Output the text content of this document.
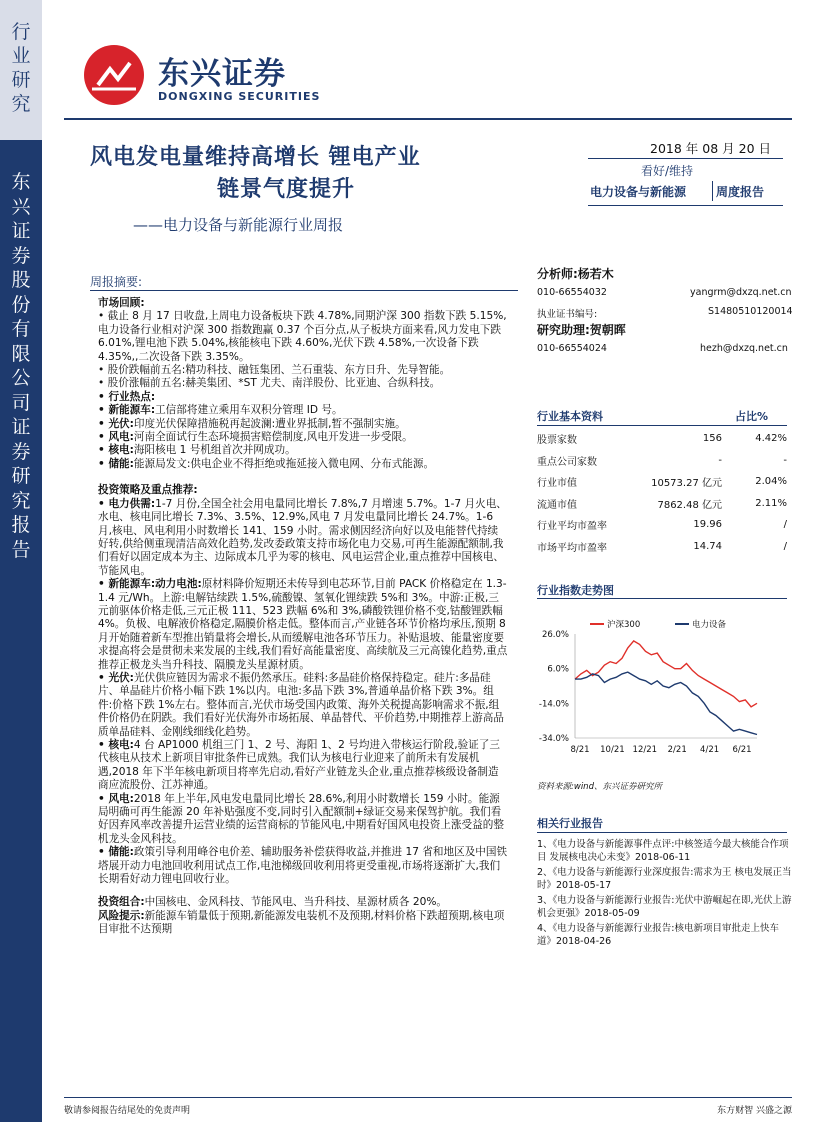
行业研究
东兴证券股份有限公司证券研究报告
东兴证券
DONGXING SECURITIES
风电发电量维持高增长 锂电产业
链景气度提升
——电力设备与新能源行业周报
2018 年 08 月 20 日
看好/维持
电力设备与新能源 周度报告
周报摘要:

市场回顾:

• 截止 8 月 17 日收盘,上周电力设备板块下跌 4.78%,同期沪深 300 指数下跌 5.15%,电力设备行业相对沪深 300 指数跑赢 0.37 个百分点,从子板块方面来看,风力发电下跌 6.01%,锂电池下跌 5.04%,核能核电下跌 4.60%,光伏下跌 4.58%,一次设备下跌 4.35%,,二次设备下跌 3.35%。

• 股价跌幅前五名:精功科技、融钰集团、兰石重装、东方日升、先导智能。

• 股价涨幅前五名:赫美集团、*ST 尤夫、南洋股份、比亚迪、合纵科技。

• 行业热点:

• 新能源车:工信部将建立乘用车双积分管理 ID 号。

• 光伏:印度光伏保障措施税再起波澜:遭业界抵制,暂不强制实施。

• 风电:河南全面试行生态环境损害赔偿制度,风电开发进一步受限。

• 核电:海阳核电 1 号机组首次并网成功。

• 储能:能源局发文:供电企业不得拒绝或拖延接入微电网、分布式能源。

投资策略及重点推荐:

• 电力供需:1-7 月份,全国全社会用电量同比增长 7.8%,7 月增速 5.7%。1-7 月火电、水电、核电同比增长 7.3%、3.5%、12.9%,风电 7 月发电量同比增长 24.7%。1-6 月,核电、风电利用小时数增长 141、159 小时。需求侧因经济向好以及电能替代持续好转,供给侧重现清洁高效化趋势,发改委政策支持市场化电力交易,可再生能源配额制,我们看好以固定成本为主、边际成本几乎为零的核电、风电运营企业,重点推荐中国核电、节能风电。

• 新能源车:动力电池:原材料降价短期还未传导到电芯环节,目前 PACK 价格稳定在 1.3-1.4 元/Wh。上游:电解钴续跌 1.5%,硫酸镍、氢氧化锂续跌 5%和 3%。中游:正极,三元前驱体价格走低,三元正极 111、523 跌幅 6%和 3%,磷酸铁锂价格不变,钴酸锂跌幅 4%。负极、电解液价格稳定,隔膜价格走低。整体而言,产业链各环节价格均承压,预期 8 月开始随着新车型推出销量将会增长,从而缓解电池各环节压力。补贴退坡、能量密度要求提高将会是贯彻未来发展的主线,我们看好高能量密度、高续航及三元高镍化趋势,重点推荐正极龙头当升科技、隔膜龙头星源材质。

• 光伏:光伏供应链因为需求不振仍然承压。硅料:多晶硅价格保持稳定。硅片:多晶硅片、单晶硅片价格小幅下跌 1%以内。电池:多晶下跌 3%,普通单晶价格下跌 3%。组件:价格下跌 1%左右。整体而言,光伏市场受国内政策、海外关税提高影响需求不振,组件价格仍在阴跌。我们看好光伏海外市场拓展、单晶替代、平价趋势,中期推荐上游高品质单晶硅料、金刚线细线化趋势。

• 核电:4 台 AP1000 机组三门 1、2 号、海阳 1、2 号均进入带核运行阶段,验证了三代核电从技术上新项目审批条件已成熟。我们认为核电行业迎来了前所未有发展机遇,2018 年下半年核电新项目将率先启动,看好产业链龙头企业,重点推荐核级设备制造商应流股份、江苏神通。

• 风电:2018 年上半年,风电发电量同比增长 28.6%,利用小时数增长 159 小时。能源局明确可再生能源 20 年补贴强度不变,同时引入配额制+绿证交易来保驾护航。我们看好因弃风率改善提升运营业绩的运营商标的节能风电,中期看好国风电投资上涨受益的整机龙头金风科技。

• 储能:政策引导利用峰谷电价差、辅助服务补偿获得收益,并推进 17 省和地区及中国铁塔展开动力电池回收利用试点工作,电池梯级回收利用将更受重视,市场将逐渐扩大,我们长期看好动力锂电回收行业。

投资组合:中国核电、金风科技、节能风电、当升科技、星源材质各 20%。

风险提示:新能源车销量低于预期,新能源发电装机不及预期,材料价格下跌超预期,核电项目审批不达预期

分析师:杨若木
010-66554032	yangrm@dxzq.net.cn
执业证书编号:	S1480510120014
研究助理:贺朝晖
010-66554024	hezh@dxzq.net.cn
行业基本资料	占比%
股票家数	156	4.42%
重点公司家数	-	-
行业市值	10573.27 亿元	2.04%
流通市值	7862.48 亿元	2.11%
行业平均市盈率	19.96	/
市场平均市盈率	14.74	/
行业指数走势图
26.0%
6.0%
-14.0%
-34.0%
8/21 10/21 12/21 2/21 4/21 6/21
沪深300	电力设备
资料来源:wind、东兴证券研究所
相关行业报告
1、《电力设备与新能源事件点评:中核签适今最大核能合作项目 发展核电决心未变》2018-06-11
2、《电力设备与新能源行业深度报告:需求为王 核电发展正当时》2018-05-17
3、《电力设备与新能源行业报告:光伏中游崛起在即,光伏上游机会更强》2018-05-09
4、《电力设备与新能源行业报告:核电新项目审批走上快车道》2018-04-26
敬请参阅报告结尾处的免责声明	东方财智 兴盛之源
